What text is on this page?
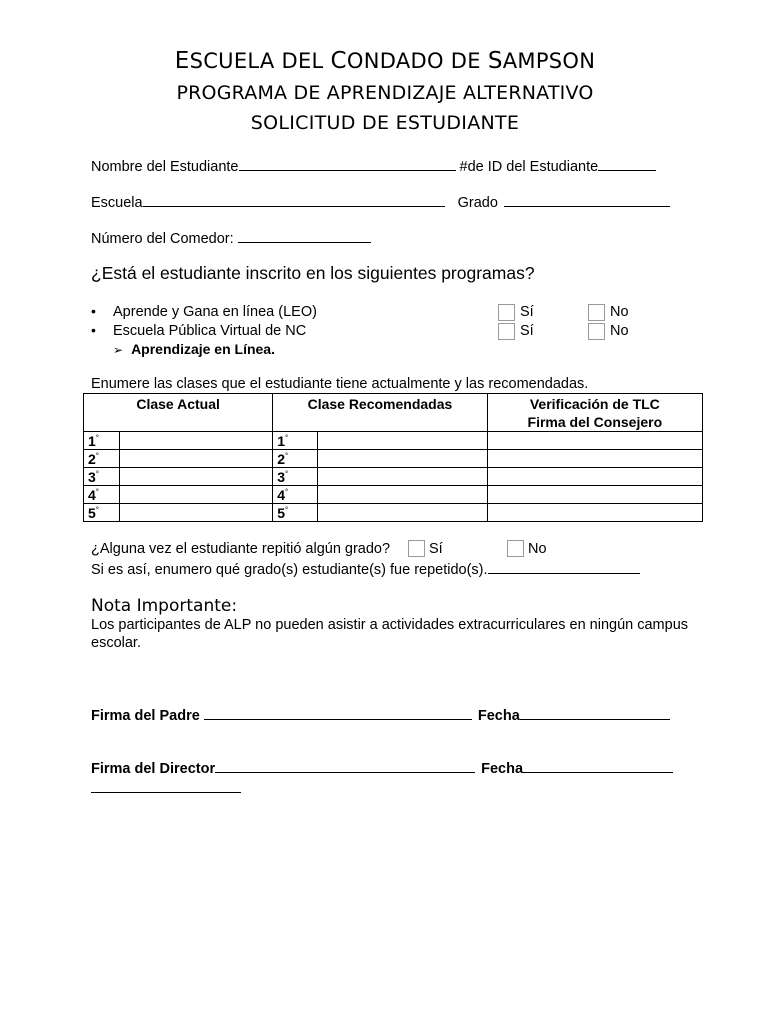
ESCUELA DEL CONDADO DE SAMPSON
PROGRAMA DE APRENDIZAJE ALTERNATIVO
SOLICITUD DE ESTUDIANTE
Nombre del Estudiante	#de ID del Estudiante
Escuela	Grado
Número del Comedor:
¿Está el estudiante inscrito en los siguientes programas?
• Aprende y Gana en línea (LEO)	Sí	No
• Escuela Pública Virtual de NC	Sí	No
➢ Aprendizaje en Línea.
Enumere las clases que el estudiante tiene actualmente y las recomendadas.
Clase Actual		Clase Recomendadas		Verificación de TLC
Firma del Consejero
1°		1°		
2°		2°		
3°		3°		
4°		4°		
5°		5°		
¿Alguna vez el estudiante repitió algún grado?	Sí	No
Si es así, enumero qué grado(s) estudiante(s) fue repetido(s).
Nota Importante:
Los participantes de ALP no pueden asistir a actividades extracurriculares en ningún campus escolar.
Firma del Padre	Fecha
Firma del Director	Fecha
